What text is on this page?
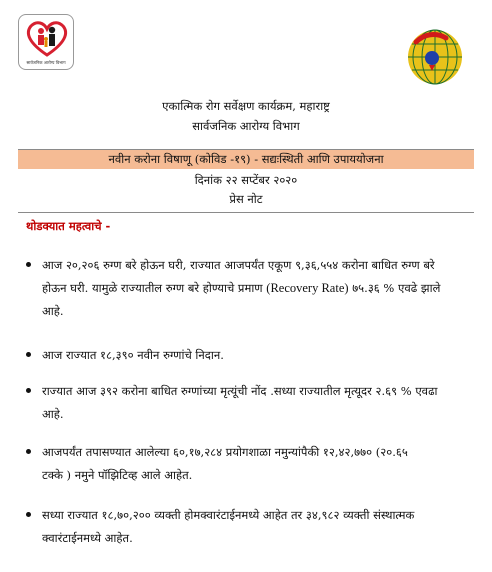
सार्वजनिक आरोग्य विभाग
एकात्मिक रोग सर्वेक्षण कार्यक्रम, महाराष्ट्र
सार्वजनिक आरोग्य विभाग
नवीन करोना विषाणू (कोविड -१९) - सद्यःस्थिती आणि उपाययोजना
दिनांक २२ सप्टेंबर २०२०
प्रेस नोट
थोडक्यात महत्वाचे -
आज २०,२०६ रुग्ण बरे होऊन घरी, राज्यात आजपर्यंत एकूण ९,३६,५५४ करोना बाधित रुग्ण बरे
होऊन घरी. यामुळे राज्यातील रुग्ण बरे होण्याचे प्रमाण (Recovery Rate) ७५.३६ % एवढे झाले
आहे.
आज राज्यात १८,३९० नवीन रुग्णांचे निदान.
राज्यात आज ३९२ करोना बाधित रुग्णांच्या मृत्यूंची नोंद .सध्या राज्यातील मृत्यूदर २.६९ % एवढा
आहे.
आजपर्यंत तपासण्यात आलेल्या ६०,१७,२८४ प्रयोगशाळा नमुन्यांपैकी १२,४२,७७० (२०.६५
टक्के ) नमुने पॉझिटिव्ह आले आहेत.
सध्या राज्यात १८,७०,२०० व्यक्ती होमक्वारंटाईनमध्ये आहेत तर ३४,९८२ व्यक्ती संस्थात्मक
क्वारंटाईनमध्ये आहेत.
